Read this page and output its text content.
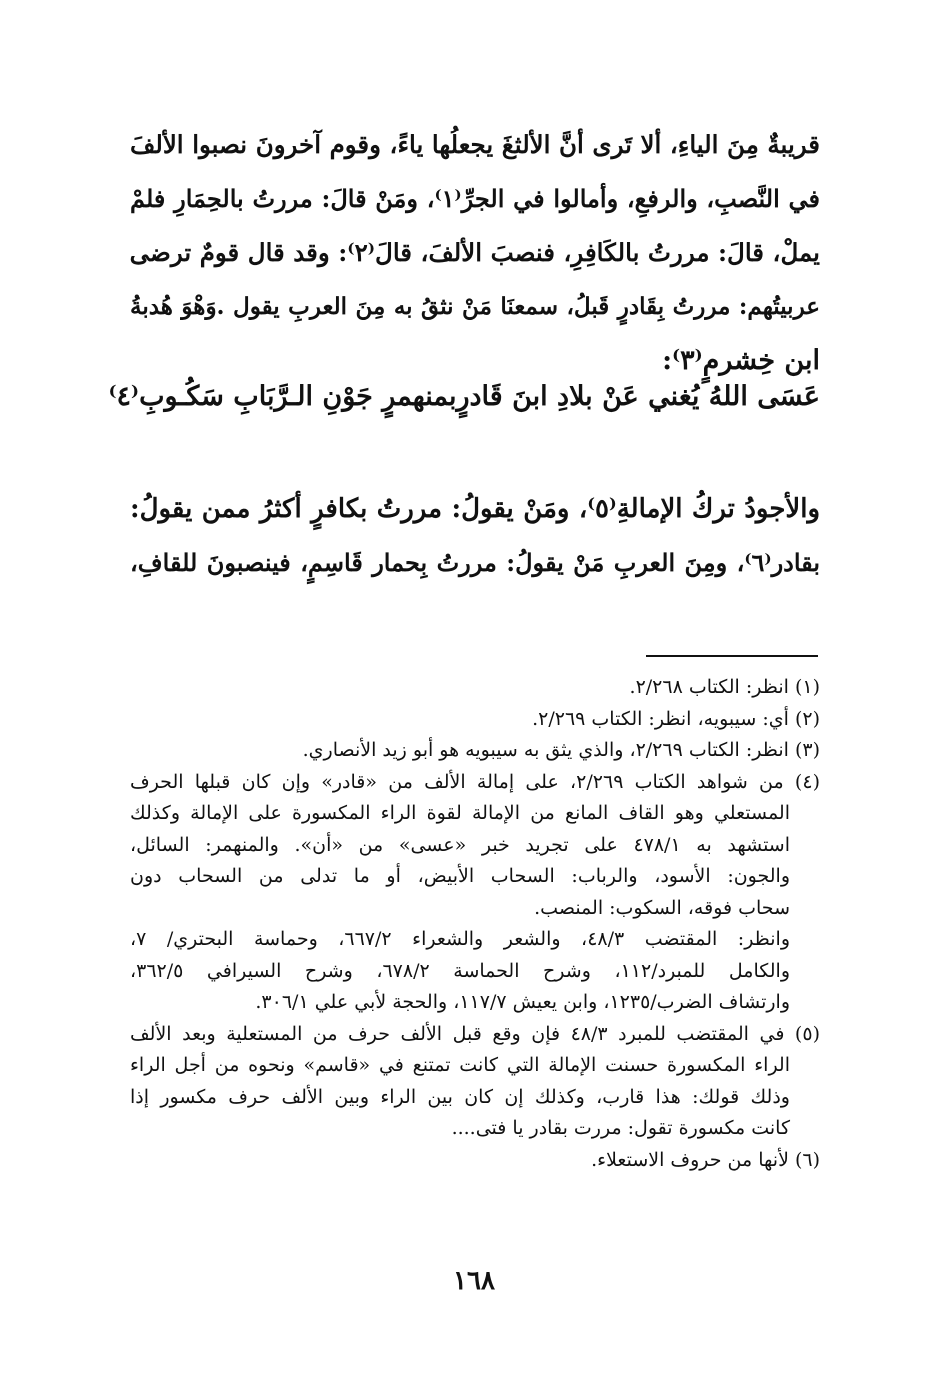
قريبةٌ مِنَ الياءِ، ألا تَرى أنَّ الألثغَ يجعلُها ياءً، وقوم آخرونَ نصبوا الألفَ
في النَّصبِ، والرفعِ، وأمالوا في الجرِّ⁽١⁾، ومَنْ قالَ: مررتُ بالحِمَارِ فلمْ
يملْ، قالَ: مررتُ بالكَافِرِ، فنصبَ الألفَ، قالَ⁽٢⁾: وقد قال قومٌ ترضى
عربيتُهم: مررتُ بِقَادرٍ قَبلُ، سمعنَا مَنْ نثقُ به مِنَ العربِ يقول .وَهْوَ هُدبةُ
ابن خِشرمٍ⁽٣⁾:
عَسَى اللهُ يُغني عَنْ بلادِ ابنَ قَادرٍ
بمنهمرٍ جَوْنِ الـرَّبَابِ سَكُـوبِ⁽٤⁾
والأجودُ تركُ الإمالةِ⁽٥⁾، ومَنْ يقولُ: مررتُ بكافرٍ أكثرُ ممن يقولُ:
بقادر⁽٦⁾، ومِنَ العربِ مَنْ يقولُ: مررتُ بِحمار قَاسِمٍ، فينصبونَ للقافِ،
(١) انظر: الكتاب ٢/٢٦٨.
(٢) أي: سيبويه، انظر: الكتاب ٢/٢٦٩.
(٣) انظر: الكتاب ٢/٢٦٩، والذي يثق به سيبويه هو أبو زيد الأنصاري.
(٤) من شواهد الكتاب ٢/٢٦٩، على إمالة الألف من «قادر» وإن كان قبلها الحرف
المستعلي وهو القاف المانع من الإمالة لقوة الراء المكسورة على الإمالة وكذلك
استشهد به ٤٧٨/١ على تجريد خبر «عسى» من «أن». والمنهمر: السائل،
والجون: الأسود، والرباب: السحاب الأبيض، أو ما تدلى من السحاب دون
سحاب فوقه، السكوب: المنصب.
وانظر: المقتضب ٤٨/٣، والشعر والشعراء ٦٦٧/٢، وحماسة البحتري/ ٧،
والكامل للمبرد/١١٢، وشرح الحماسة ٦٧٨/٢، وشرح السيرافي ٣٦٢/٥،
وارتشاف الضرب/١٢٣٥، وابن يعيش ١١٧/٧، والحجة لأبي علي ٣٠٦/١.
(٥) في المقتضب للمبرد ٤٨/٣ فإن وقع قبل الألف حرف من المستعلية وبعد الألف
الراء المكسورة حسنت الإمالة التي كانت تمتنع في «قاسم» ونحوه من أجل الراء
وذلك قولك: هذا قارب، وكذلك إن كان بين الراء وبين الألف حرف مكسور إذا
كانت مكسورة تقول: مررت بقادر يا فتى....
(٦) لأنها من حروف الاستعلاء.
١٦٨
